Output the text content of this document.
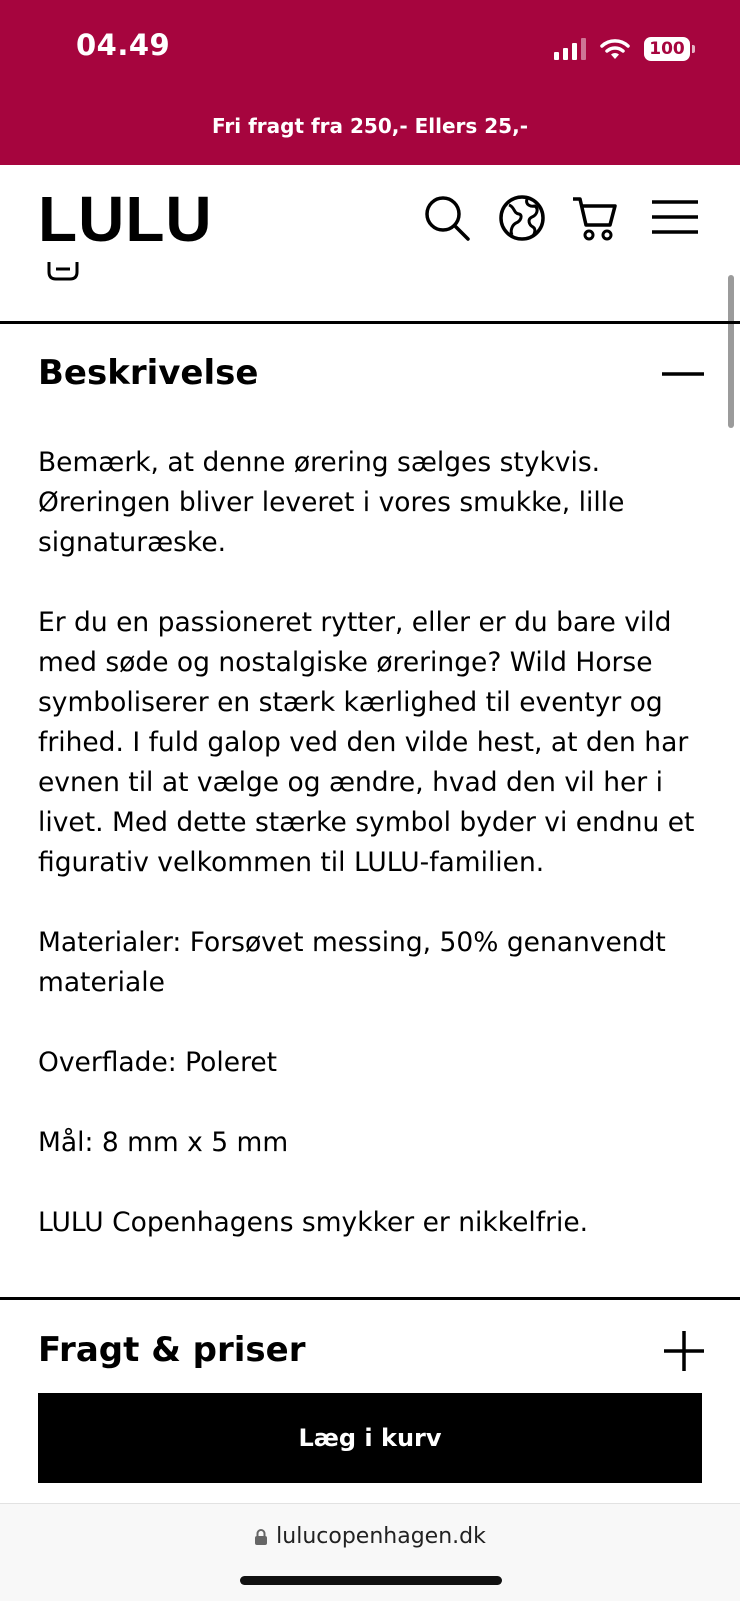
04.49	100
Fri fragt fra 250,- Ellers 25,-
LULU
Beskrivelse

Bemærk, at denne ørering sælges stykvis. Øreringen bliver leveret i vores smukke, lille signaturæske.

Er du en passioneret rytter, eller er du bare vild med søde og nostalgiske øreringe? Wild Horse symboliserer en stærk kærlighed til eventyr og frihed. I fuld galop ved den vilde hest, at den har evnen til at vælge og ændre, hvad den vil her i livet. Med dette stærke symbol byder vi endnu et figurativ velkommen til LULU-familien.

Materialer: Forsøvet messing, 50% genanvendt materiale

Overflade: Poleret

Mål: 8 mm x 5 mm

LULU Copenhagens smykker er nikkelfrie.

Fragt & priser
Læg i kurv
lulucopenhagen.dk
